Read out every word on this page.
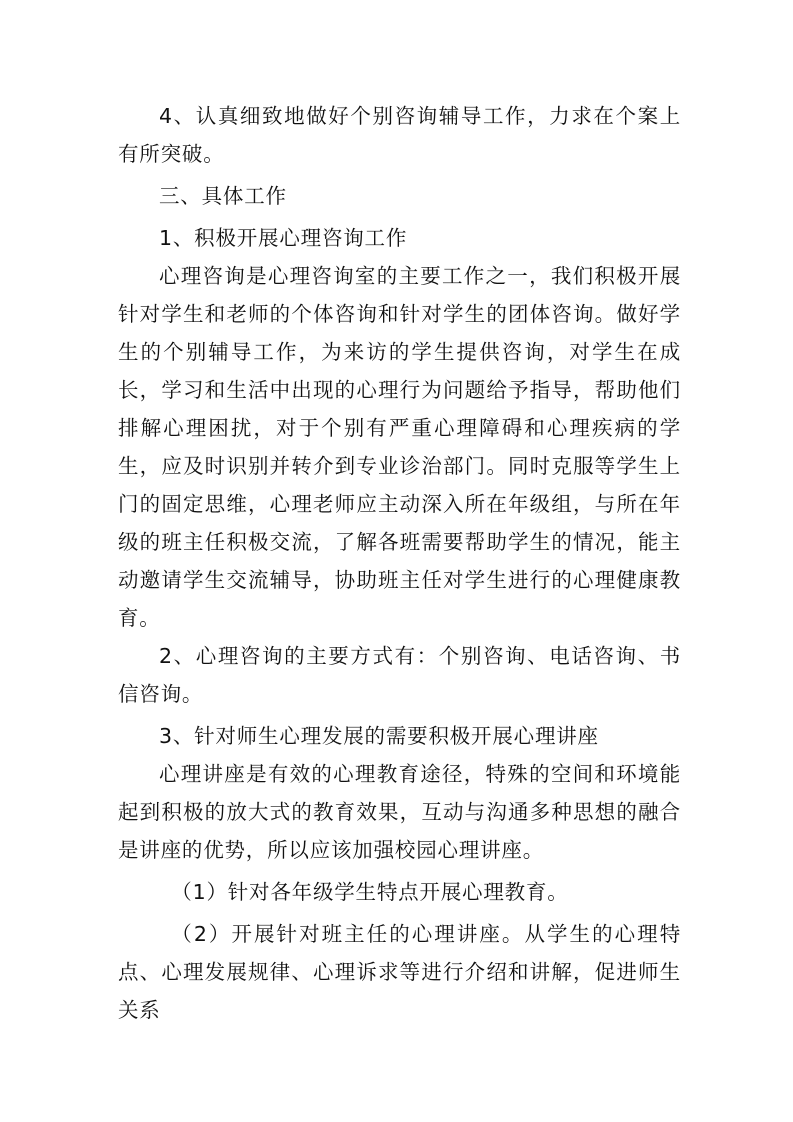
4、认真细致地做好个别咨询辅导工作，力求在个案上有所突破。

三、具体工作

1、积极开展心理咨询工作

心理咨询是心理咨询室的主要工作之一，我们积极开展针对学生和老师的个体咨询和针对学生的团体咨询。做好学生的个别辅导工作，为来访的学生提供咨询，对学生在成长，学习和生活中出现的心理行为问题给予指导，帮助他们排解心理困扰，对于个别有严重心理障碍和心理疾病的学生，应及时识别并转介到专业诊治部门。同时克服等学生上门的固定思维，心理老师应主动深入所在年级组，与所在年级的班主任积极交流，了解各班需要帮助学生的情况，能主动邀请学生交流辅导，协助班主任对学生进行的心理健康教育。

2、心理咨询的主要方式有：个别咨询、电话咨询、书信咨询。

3、针对师生心理发展的需要积极开展心理讲座

心理讲座是有效的心理教育途径，特殊的空间和环境能起到积极的放大式的教育效果，互动与沟通多种思想的融合是讲座的优势，所以应该加强校园心理讲座。

（1）针对各年级学生特点开展心理教育。

（2）开展针对班主任的心理讲座。从学生的心理特点、心理发展规律、心理诉求等进行介绍和讲解，促进师生关系
